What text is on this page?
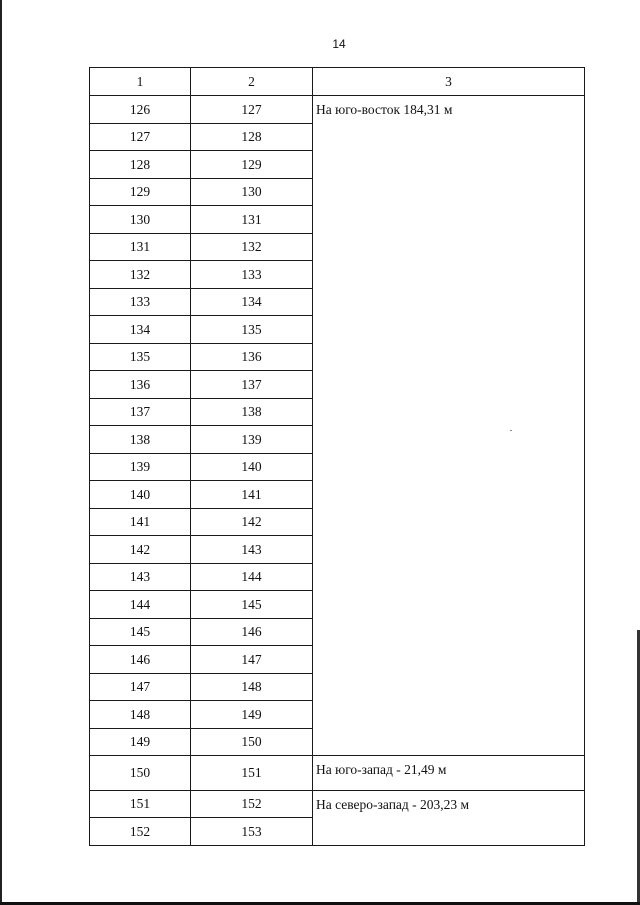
14
1	2	3
126	127	На юго-восток 184,31 м
127	128	
128	129	
129	130	
130	131	
131	132	
132	133	
133	134	
134	135	
135	136	
136	137	
137	138	
138	139	
139	140	
140	141	
141	142	
142	143	
143	144	
144	145	
145	146	
146	147	
147	148	
148	149	
149	150	
150	151	На юго-запад - 21,49 м
151	152	На северо-запад - 203,23 м
152	153	
